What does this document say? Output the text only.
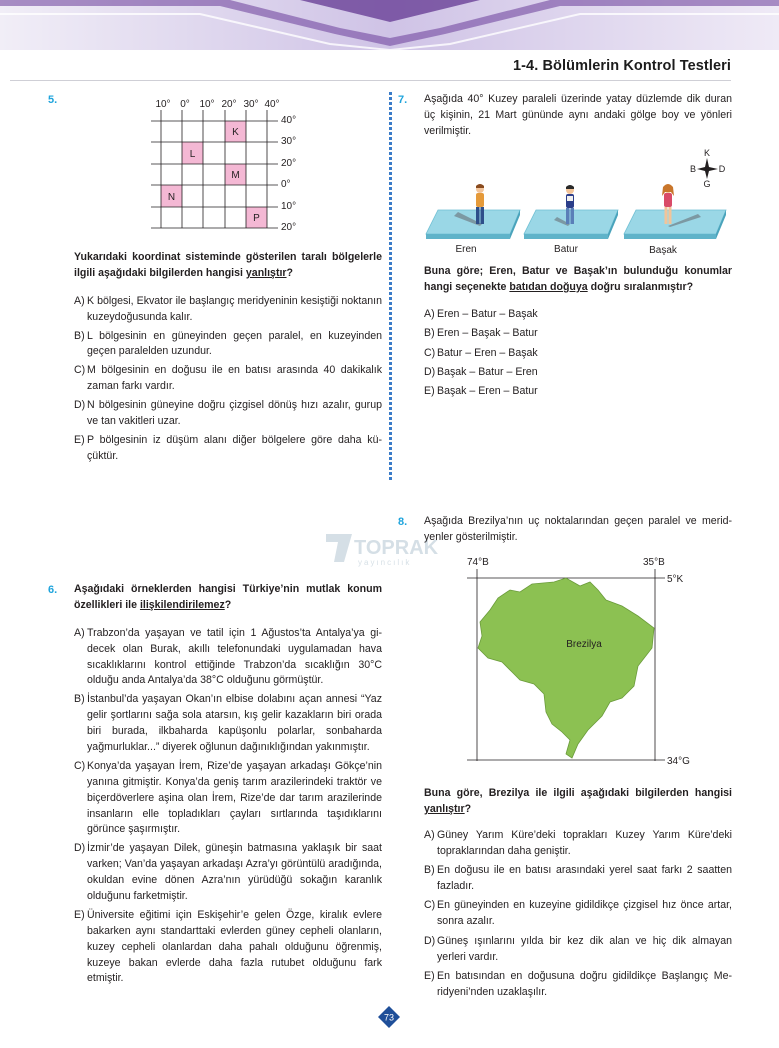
1-4. Bölümlerin Kontrol Testleri
5.	10° 0° 10° 20° 30° 40°
40°
30°
20°
0°
10°
20°
K
L
M
N
P
Yukarıdaki koordinat sisteminde gösterilen taralı bölgelerle ilgili aşağıdaki bilgilerden hangisi yanlıştır?
A) K bölgesi, Ekvator ile başlangıç meridyeninin kesiştiği noktanın kuzeydoğusunda kalır.
B) L bölgesinin en güneyinden geçen paralel, en kuzeyinden geçen paralelden uzundur.
C) M bölgesinin en doğusu ile en batısı arasında 40 dakikalık zaman farkı vardır.
D) N bölgesinin güneyine doğru çizgisel dönüş hızı azalır, gurup ve tan vakitleri uzar.
E) P bölgesinin iz düşüm alanı diğer bölgelere göre daha küçüktür.
7. Aşağıda 40° Kuzey paraleli üzerinde yatay düzlemde dik duran üç kişinin, 21 Mart gününde aynı andaki gölge boy ve yönleri verilmiştir.
K
G
D
B
Eren	Batur	Başak
Buna göre; Eren, Batur ve Başak’ın bulunduğu konumlar hangi seçenekte batıdan doğuya doğru sıralanmıştır?
A) Eren – Batur – Başak
B) Eren – Başak – Batur
C) Batur – Eren – Başak
D) Başak – Batur – Eren
E) Başak – Eren – Batur
TOPRAK
yayıncılık
8. Aşağıda Brezilya’nın uç noktalarından geçen paralel ve meridyenler gösterilmiştir.
74°B	35°B
5°K
34°G
Brezilya
Buna göre, Brezilya ile ilgili aşağıdaki bilgilerden hangisi yanlıştır?
A) Güney Yarım Küre’deki toprakları Kuzey Yarım Küre’deki topraklarından daha geniştir.
B) En doğusu ile en batısı arasındaki yerel saat farkı 2 saatten fazladır.
C) En güneyinden en kuzeyine gidildikçe çizgisel hız önce artar, sonra azalır.
D) Güneş ışınlarını yılda bir kez dik alan ve hiç dik almayan yerleri vardır.
E) En batısından en doğusuna doğru gidildikçe Başlangıç Meridyeni’nden uzaklaşılır.
6. Aşağıdaki örneklerden hangisi Türkiye’nin mutlak konum özellikleri ile ilişkilendirilemez?
A) Trabzon’da yaşayan ve tatil için 1 Ağustos’ta Antalya’ya gidecek olan Burak, akıllı telefonundaki uygulamadan hava sıcaklıklarını kontrol ettiğinde Trabzon’da sıcaklığın 30°C olduğu anda Antalya’da 38°C olduğunu görmüştür.
B) İstanbul’da yaşayan Okan’ın elbise dolabını açan annesi “Yaz gelir şortlarını sağa sola atarsın, kış gelir kazakların biri orada biri burada, ilkbaharda kapüşonlu polarlar, sonbaharda yağmurluklar...” diyerek oğlunun dağınıklığından yakınmıştır.
C) Konya’da yaşayan İrem, Rize’de yaşayan arkadaşı Gökçe’nin yanına gitmiştir. Konya’da geniş tarım arazilerindeki traktör ve biçerdöverlere aşina olan İrem, Rize’de dar tarım arazilerinde insanların elle topladıkları çayları sırtlarında taşıdıklarını görünce şaşırmıştır.
D) İzmir’de yaşayan Dilek, güneşin batmasına yaklaşık bir saat varken; Van’da yaşayan arkadaşı Azra’yı görüntülü aradığında, okuldan evine dönen Azra’nın yürüdüğü sokağın karanlık olduğunu farketmiştir.
E) Üniversite eğitimi için Eskişehir’e gelen Özge, kiralık evlere bakarken aynı standarttaki evlerden güney cepheli olanların, kuzey cepheli olanlardan daha pahalı olduğunu öğrenmiş, kuzeye bakan evlerde daha fazla rutubet olduğunu fark etmiştir.
73
